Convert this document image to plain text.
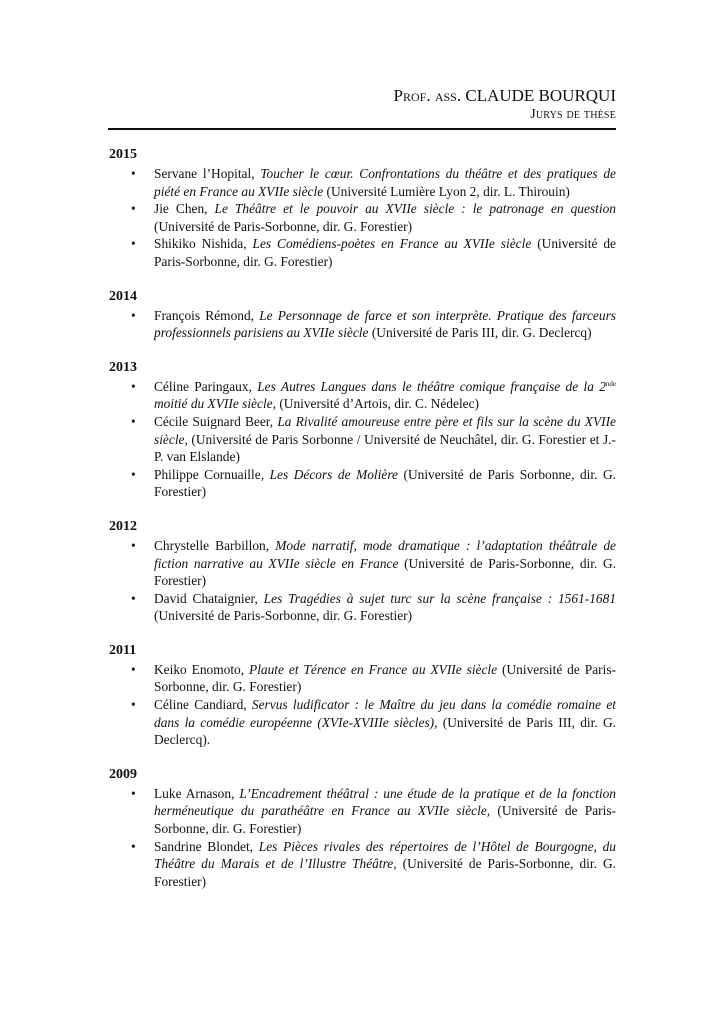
Prof. ass. CLAUDE BOURQUI
Jurys de thèse
2015
• Servane l’Hopital, Toucher le cœur. Confrontations du théâtre et des pratiques de piété en France au XVIIe siècle (Université Lumière Lyon 2, dir. L. Thirouin)
• Jie Chen, Le Théâtre et le pouvoir au XVIIe siècle : le patronage en question (Université de Paris-Sorbonne, dir. G. Forestier)
• Shikiko Nishida, Les Comédiens-poètes en France au XVIIe siècle (Université de Paris-Sorbonne, dir. G. Forestier)
2014
• François Rémond, Le Personnage de farce et son interprète. Pratique des farceurs professionnels parisiens au XVIIe siècle (Université de Paris III, dir. G. Declercq)
2013
• Céline Paringaux, Les Autres Langues dans le théâtre comique française de la 2nde moitié du XVIIe siècle, (Université d’Artois, dir. C. Nédelec)
• Cécile Suignard Beer, La Rivalité amoureuse entre père et fils sur la scène du XVIIe siècle, (Université de Paris Sorbonne / Université de Neuchâtel, dir. G. Forestier et J.-P. van Elslande)
• Philippe Cornuaille, Les Décors de Molière (Université de Paris Sorbonne, dir. G. Forestier)
2012
• Chrystelle Barbillon, Mode narratif, mode dramatique : l’adaptation théâtrale de fiction narrative au XVIIe siècle en France (Université de Paris-Sorbonne, dir. G. Forestier)
• David Chataignier, Les Tragédies à sujet turc sur la scène française : 1561-1681 (Université de Paris-Sorbonne, dir. G. Forestier)
2011
• Keiko Enomoto, Plaute et Térence en France au XVIIe siècle (Université de Paris-Sorbonne, dir. G. Forestier)
• Céline Candiard, Servus ludificator : le Maître du jeu dans la comédie romaine et dans la comédie européenne (XVIe-XVIIIe siècles), (Université de Paris III, dir. G. Declercq).
2009
• Luke Arnason, L’Encadrement théâtral : une étude de la pratique et de la fonction herméneutique du parathéâtre en France au XVIIe siècle, (Université de Paris-Sorbonne, dir. G. Forestier)
• Sandrine Blondet, Les Pièces rivales des répertoires de l’Hôtel de Bourgogne, du Théâtre du Marais et de l’Illustre Théâtre, (Université de Paris-Sorbonne, dir. G. Forestier)
